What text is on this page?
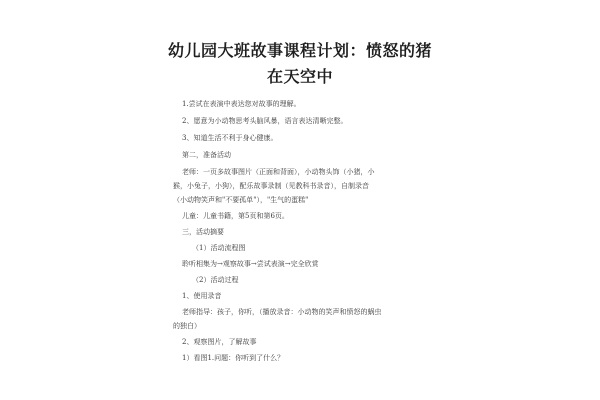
幼儿园大班故事课程计划：愤怒的猪
在天空中
1.尝试在表演中表达您对故事的理解。
2、愿意为小动物思考头脑风暴，语言表达清晰完整。
3、知道生活不利于身心健康。
第二，准备活动
老师：一页多故事图片（正面和背面），小动物头饰（小猪，小
猴，小兔子，小狗），配乐故事录制（见教科书录音），自制录音
（小动物笑声和"不要孤单"），"生气的蛋糕"
儿童：儿童书籍，第5页和第6页。
三，活动摘要
（1）活动流程图
聆听相集为→观察故事→尝试表演→完全欣赏
（2）活动过程
1、使用录音
老师指导：孩子，你听，（播放录音：小动物的笑声和愤怒的蜗虫
的独白）
2、观察图片，了解故事
1）看图1.问题：你听到了什么？
